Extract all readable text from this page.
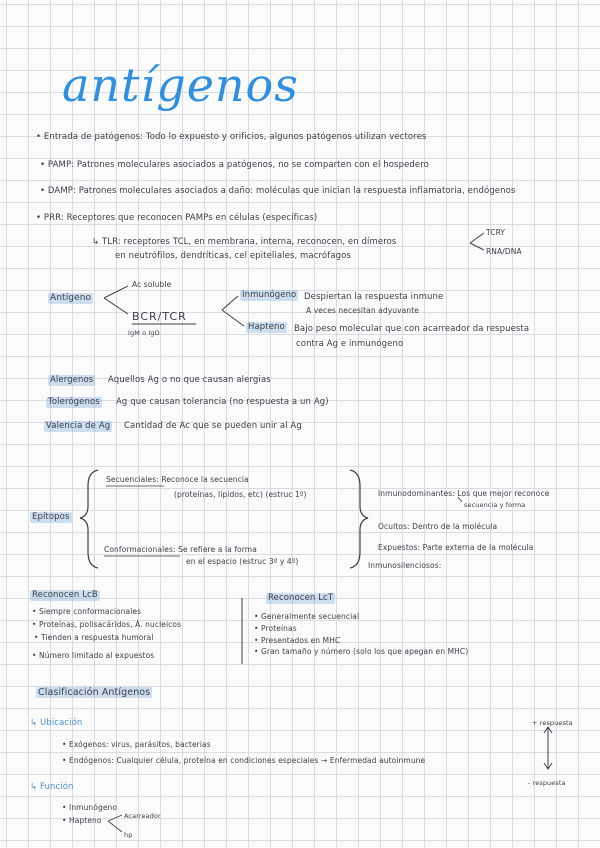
antígenos
• Entrada de patógenos: Todo lo expuesto y orificios, algunos patógenos utilizan vectores
• PAMP: Patrones moleculares asociados a patógenos, no se comparten con el hospedero
• DAMP: Patrones moleculares asociados a daño: moléculas que inician la respuesta inflamatoria, endógenos
• PRR: Receptores que reconocen PAMPs en células (específicas)
↳ TLR: receptores TCL, en membrana, interna, reconocen, en dímeros
en neutrófilos, dendríticas, cel epiteliales, macrófagos
TCRY
RNA/DNA
Antígeno
Ac soluble
BCR/TCR
IgM o IgD
Inmunógeno Despiertan la respuesta inmune
A veces necesitan adyuvante
Hapteno Bajo peso molecular que con acarreador da respuesta
contra Ag e inmunógeno
Alergenos Aquellos Ag o no que causan alergias
Tolerógenos Ag que causan tolerancia (no respuesta a un Ag)
Valencia de Ag Cantidad de Ac que se pueden unir al Ag
Epítopos
Secuenciales: Reconoce la secuencia
(proteínas, lípidos, etc) (estruc 1º)
Conformacionales: Se refiere a la forma
en el espacio (estruc 3º y 4º)
Inmunodominantes: Los que mejor reconoce
secuencia y forma
Ocultos: Dentro de la molécula
Expuestos: Parte externa de la molécula
Inmunosilenciosos:
Reconocen LcB
• Siempre conformacionales
• Proteínas, polisacáridos, Á. nucleicos
• Tienden a respuesta humoral
• Número limitado al expuestos
Reconocen LcT
• Generalmente secuencial
• Proteínas
• Presentados en MHC
• Gran tamaño y número (solo los que apegan en MHC)
Clasificación Antígenos
↳ Ubicación
• Exógenos: virus, parásitos, bacterias
• Endógenos: Cualquier célula, proteína en condiciones especiales → Enfermedad autoinmune
↳ Función
• Inmunógeno
• Hapteno	Acarreador
hp
+ respuesta
- respuesta
